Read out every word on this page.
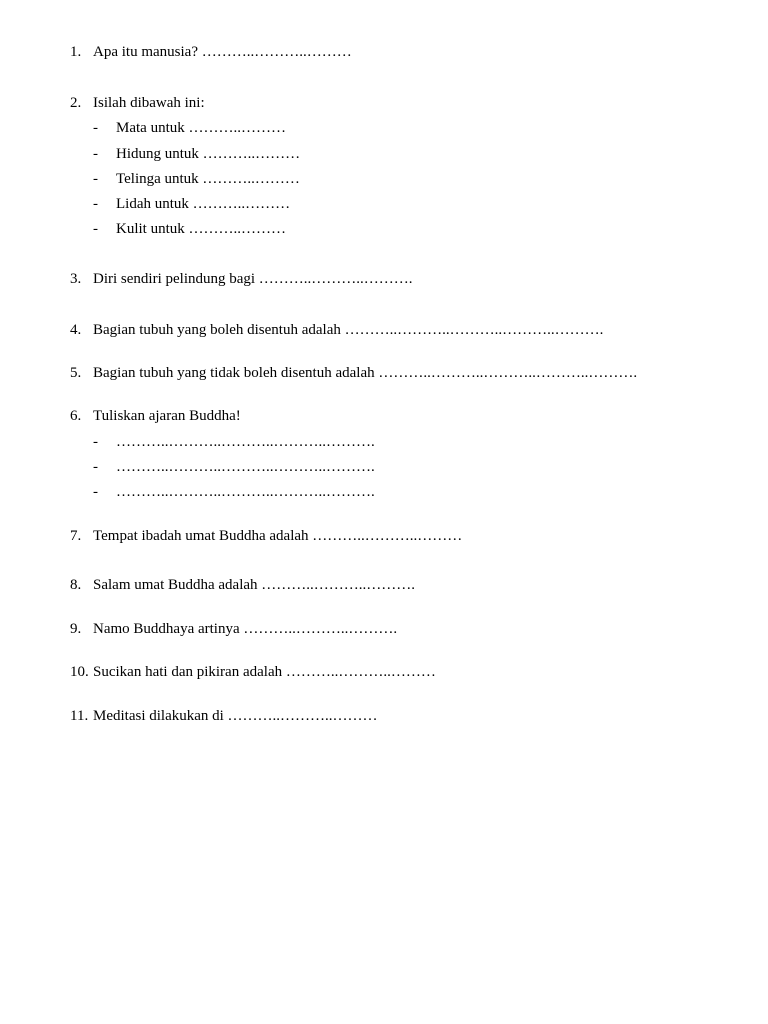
1. Apa itu manusia? ………..………..………
2. Isilah dibawah ini:
- Mata untuk ………..………
- Hidung untuk ………..………
- Telinga untuk ………..………
- Lidah untuk ………..………
- Kulit untuk ………..………
3. Diri sendiri pelindung bagi ………..………..……….
4. Bagian tubuh yang boleh disentuh adalah ………..………..………..………..……….
5. Bagian tubuh yang tidak boleh disentuh adalah ………..………..………..………..……….
6. Tuliskan ajaran Buddha!
- ………..………..………..………..……….
- ………..………..………..………..……….
- ………..………..………..………..……….
7. Tempat ibadah umat Buddha adalah ………..………..………
8. Salam umat Buddha adalah ………..………..……….
9. Namo Buddhaya artinya ………..………..……….
10. Sucikan hati dan pikiran adalah ………..………..………
11. Meditasi dilakukan di ………..………..………
